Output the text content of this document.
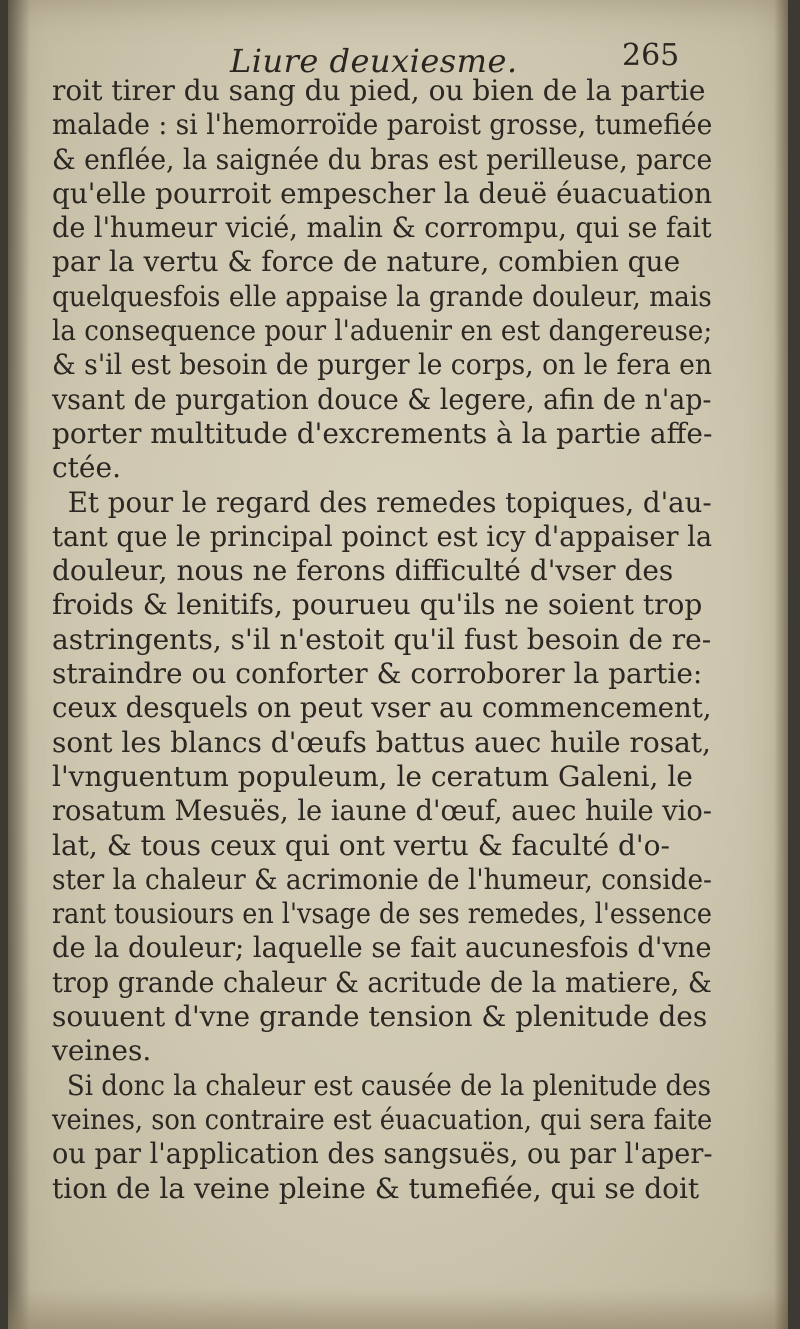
Liure deuxiesme.	265
roit tirer du sang du pied, ou bien de la partie
malade : si l'hemorroïde paroist grosse, tumefiée
& enflée, la saignée du bras est perilleuse, parce
qu'elle pourroit empescher la deuë éuacuation
de l'humeur vicié, malin & corrompu, qui se fait
par la vertu & force de nature, combien que
quelquesfois elle appaise la grande douleur, mais
la consequence pour l'aduenir en est dangereuse;
& s'il est besoin de purger le corps, on le fera en
vsant de purgation douce & legere, afin de n'ap-
porter multitude d'excrements à la partie affe-
ctée.
Et pour le regard des remedes topiques, d'au-
tant que le principal poinct est icy d'appaiser la
douleur, nous ne ferons difficulté d'vser des
froids & lenitifs, pourueu qu'ils ne soient trop
astringents, s'il n'estoit qu'il fust besoin de re-
straindre ou conforter & corroborer la partie:
ceux desquels on peut vser au commencement,
sont les blancs d'œufs battus auec huile rosat,
l'vnguentum populeum, le ceratum Galeni, le
rosatum Mesuës, le iaune d'œuf, auec huile vio-
lat, & tous ceux qui ont vertu & faculté d'o-
ster la chaleur & acrimonie de l'humeur, conside-
rant tousiours en l'vsage de ses remedes, l'essence
de la douleur; laquelle se fait aucunesfois d'vne
trop grande chaleur & acritude de la matiere, &
souuent d'vne grande tension & plenitude des
veines.
Si donc la chaleur est causée de la plenitude des
veines, son contraire est éuacuation, qui sera faite
ou par l'application des sangsuës, ou par l'aper-
tion de la veine pleine & tumefiée, qui se doit
